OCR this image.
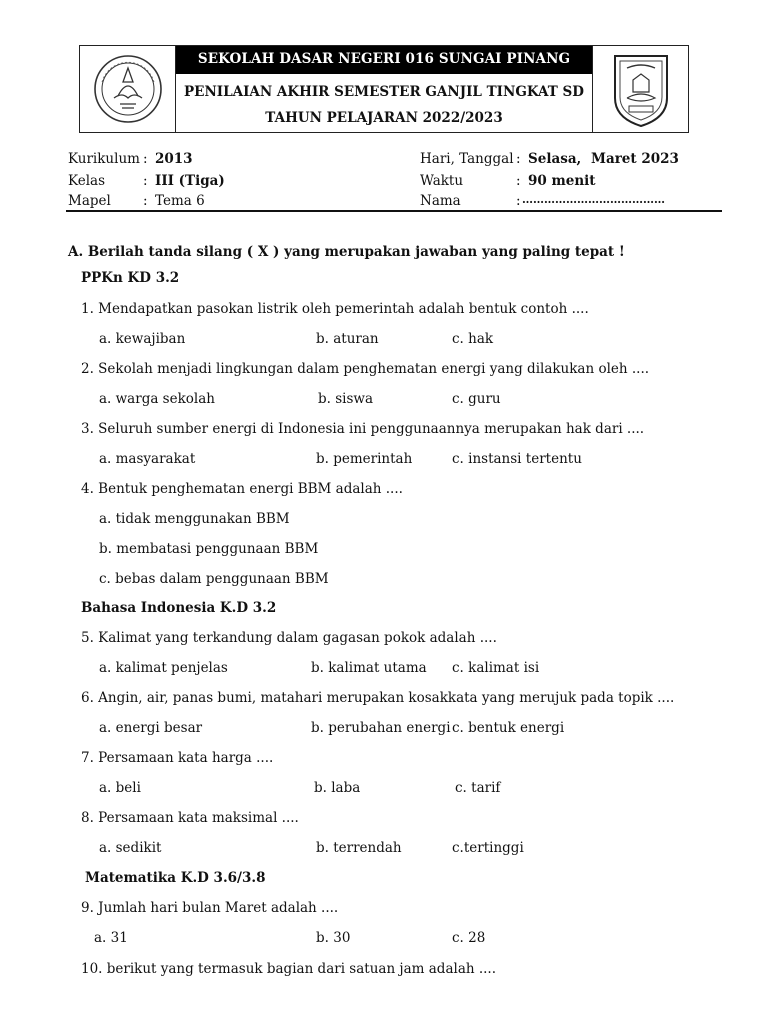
SEKOLAH DASAR NEGERI 016 SUNGAI PINANG
PENILAIAN AKHIR SEMESTER GANJIL TINGKAT SD
TAHUN PELAJARAN 2022/2023
Kurikulum : 2013
Kelas	: III (Tiga)
Mapel : Tema 6
Hari, Tanggal : Selasa, Maret 2023
Waktu	: 90 menit
Nama	: …………………………………
A. Berilah tanda silang ( X ) yang merupakan jawaban yang paling tepat !
PPKn KD 3.2
1. Mendapatkan pasokan listrik oleh pemerintah adalah bentuk contoh ....
a. kewajiban	b. aturan	c. hak
2. Sekolah menjadi lingkungan dalam penghematan energi yang dilakukan oleh ....
a. warga sekolah	b. siswa	c. guru
3. Seluruh sumber energi di Indonesia ini penggunaannya merupakan hak dari ....
a. masyarakat	b. pemerintah	c. instansi tertentu
4. Bentuk penghematan energi BBM adalah ....
a. tidak menggunakan BBM
b. membatasi penggunaan BBM
c. bebas dalam penggunaan BBM
Bahasa Indonesia K.D 3.2
5. Kalimat yang terkandung dalam gagasan pokok adalah ....
a. kalimat penjelas	b. kalimat utama c. kalimat isi
6. Angin, air, panas bumi, matahari merupakan kosakkata yang merujuk pada topik ....
a. energi besar	b. perubahan energi c. bentuk energi
7. Persamaan kata harga ....
a. beli	b. laba	c. tarif
8. Persamaan kata maksimal ....
a. sedikit	b. terrendah	c.tertinggi
Matematika K.D 3.6/3.8
9. Jumlah hari bulan Maret adalah ....
a. 31	b. 30	c. 28
10. berikut yang termasuk bagian dari satuan jam adalah ....
